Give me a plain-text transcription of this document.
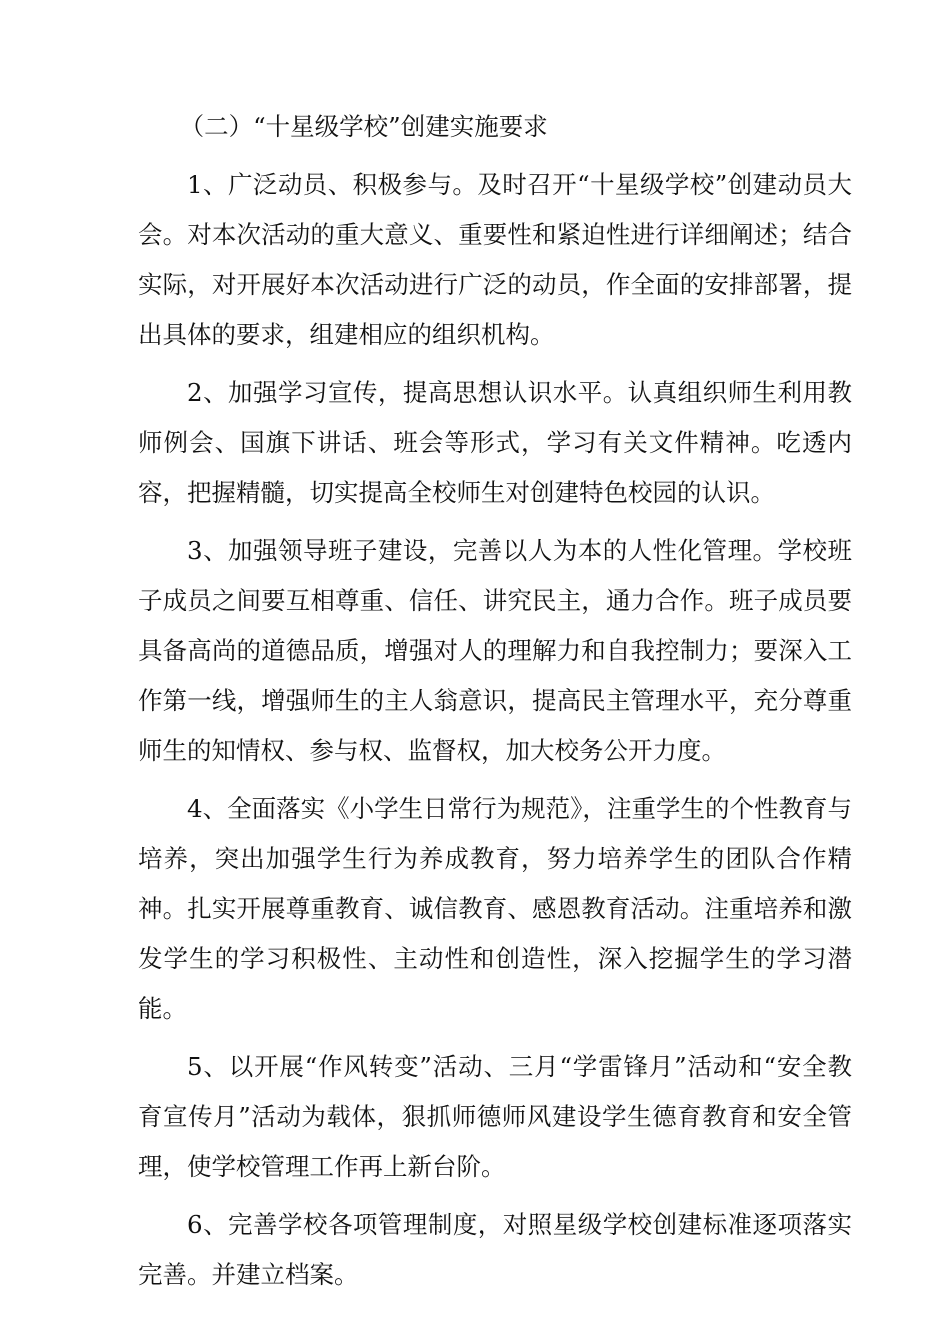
（二）“十星级学校”创建实施要求

1、广泛动员、积极参与。及时召开“十星级学校”创建动员大会。对本次活动的重大意义、重要性和紧迫性进行详细阐述；结合实际，对开展好本次活动进行广泛的动员，作全面的安排部署，提出具体的要求，组建相应的组织机构。

2、加强学习宣传，提高思想认识水平。认真组织师生利用教师例会、国旗下讲话、班会等形式，学习有关文件精神。吃透内容，把握精髓，切实提高全校师生对创建特色校园的认识。

3、加强领导班子建设，完善以人为本的人性化管理。学校班子成员之间要互相尊重、信任、讲究民主，通力合作。班子成员要具备高尚的道德品质，增强对人的理解力和自我控制力；要深入工作第一线，增强师生的主人翁意识，提高民主管理水平，充分尊重师生的知情权、参与权、监督权，加大校务公开力度。

4、全面落实《小学生日常行为规范》，注重学生的个性教育与培养，突出加强学生行为养成教育，努力培养学生的团队合作精神。扎实开展尊重教育、诚信教育、感恩教育活动。注重培养和激发学生的学习积极性、主动性和创造性，深入挖掘学生的学习潜能。

5、以开展“作风转变”活动、三月“学雷锋月”活动和“安全教育宣传月”活动为载体，狠抓师德师风建设学生德育教育和安全管理，使学校管理工作再上新台阶。

6、完善学校各项管理制度，对照星级学校创建标准逐项落实完善。并建立档案。
